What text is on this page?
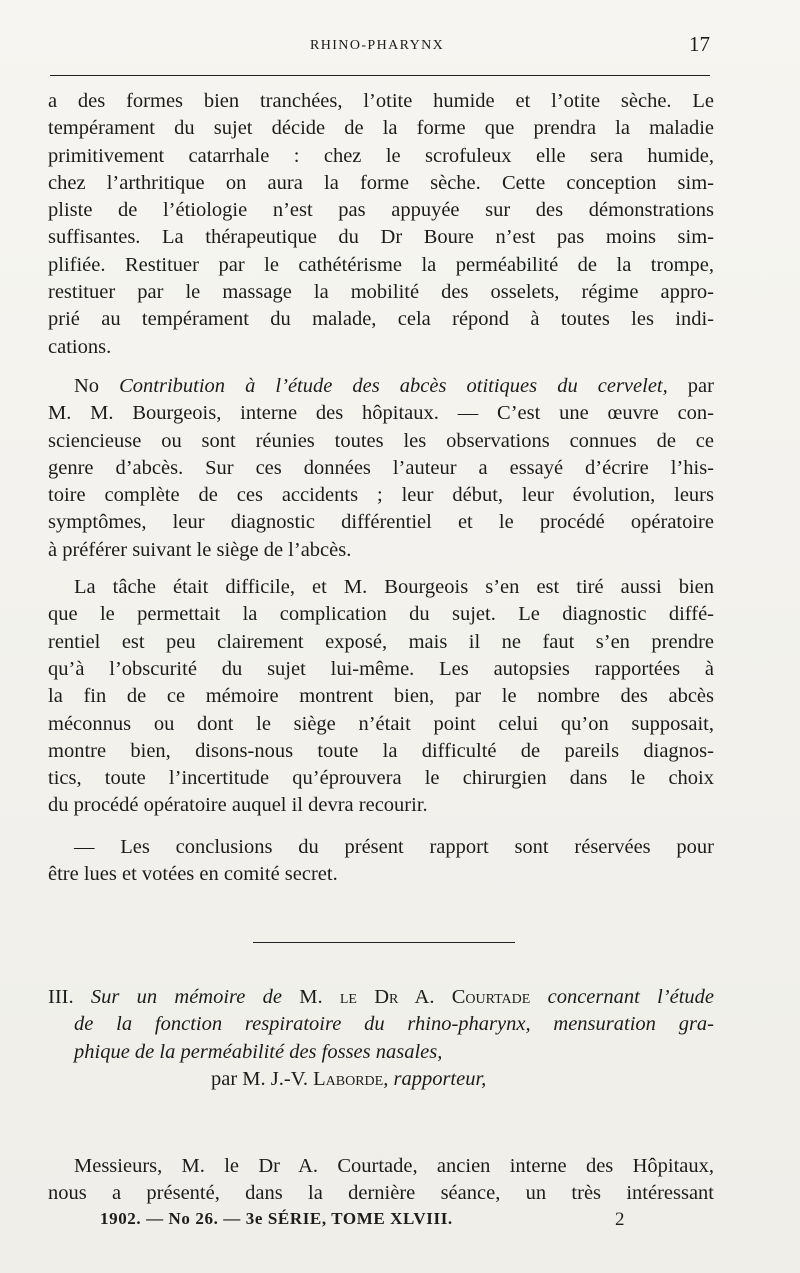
RHINO-PHARYNX	17

a des formes bien tranchées, l’otite humide et l’otite sèche. Le
tempérament du sujet décide de la forme que prendra la maladie
primitivement catarrhale : chez le scrofuleux elle sera humide,
chez l’arthritique on aura la forme sèche. Cette conception sim-
pliste de l’étiologie n’est pas appuyée sur des démonstrations
suffisantes. La thérapeutique du Dr Boure n’est pas moins sim-
plifiée. Restituer par le cathétérisme la perméabilité de la trompe,
restituer par le massage la mobilité des osselets, régime appro-
prié au tempérament du malade, cela répond à toutes les indi-
cations.

No Contribution à l’étude des abcès otitiques du cervelet, par
M. M. Bourgeois, interne des hôpitaux. — C’est une œuvre con-
sciencieuse ou sont réunies toutes les observations connues de ce
genre d’abcès. Sur ces données l’auteur a essayé d’écrire l’his-
toire complète de ces accidents ; leur début, leur évolution, leurs
symptômes, leur diagnostic différentiel et le procédé opératoire
à préférer suivant le siège de l’abcès.

La tâche était difficile, et M. Bourgeois s’en est tiré aussi bien
que le permettait la complication du sujet. Le diagnostic diffé-
rentiel est peu clairement exposé, mais il ne faut s’en prendre
qu’à l’obscurité du sujet lui-même. Les autopsies rapportées à
la fin de ce mémoire montrent bien, par le nombre des abcès
méconnus ou dont le siège n’était point celui qu’on supposait,
montre bien, disons-nous toute la difficulté de pareils diagnos-
tics, toute l’incertitude qu’éprouvera le chirurgien dans le choix
du procédé opératoire auquel il devra recourir.

— Les conclusions du présent rapport sont réservées pour
être lues et votées en comité secret.

III. Sur un mémoire de M. le Dr A. Courtade concernant l’étude
de la fonction respiratoire du rhino-pharynx, mensuration gra-
phique de la perméabilité des fosses nasales,
par M. J.-V. Laborde, rapporteur,

Messieurs, M. le Dr A. Courtade, ancien interne des Hôpitaux,
nous a présenté, dans la dernière séance, un très intéressant
1902. — No 26. — 3e SÉRIE, TOME XLVIII.	2
